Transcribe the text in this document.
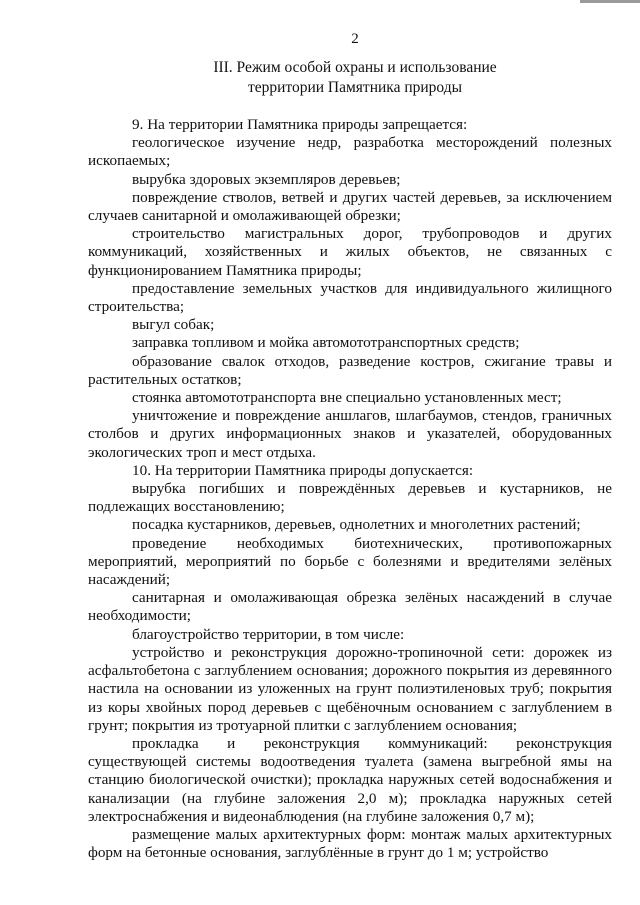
2
III. Режим особой охраны и использование
территории Памятника природы

9. На территории Памятника природы запрещается:

геологическое изучение недр, разработка месторождений полезных ископаемых;

вырубка здоровых экземпляров деревьев;

повреждение стволов, ветвей и других частей деревьев, за исключением случаев санитарной и омолаживающей обрезки;

строительство магистральных дорог, трубопроводов и других коммуникаций, хозяйственных и жилых объектов, не связанных с функционированием Памятника природы;

предоставление земельных участков для индивидуального жилищного строительства;

выгул собак;

заправка топливом и мойка автомототранспортных средств;

образование свалок отходов, разведение костров, сжигание травы и растительных остатков;

стоянка автомототранспорта вне специально установленных мест;

уничтожение и повреждение аншлагов, шлагбаумов, стендов, граничных столбов и других информационных знаков и указателей, оборудованных экологических троп и мест отдыха.

10. На территории Памятника природы допускается:

вырубка погибших и повреждённых деревьев и кустарников, не подлежащих восстановлению;

посадка кустарников, деревьев, однолетних и многолетних растений;

проведение необходимых биотехнических, противопожарных мероприятий, мероприятий по борьбе с болезнями и вредителями зелёных насаждений;

санитарная и омолаживающая обрезка зелёных насаждений в случае необходимости;

благоустройство территории, в том числе:

устройство и реконструкция дорожно-тропиночной сети: дорожек из асфальтобетона с заглублением основания; дорожного покрытия из деревянного настила на основании из уложенных на грунт полиэтиленовых труб; покрытия из коры хвойных пород деревьев с щебёночным основанием с заглублением в грунт; покрытия из тротуарной плитки с заглублением основания;

прокладка и реконструкция коммуникаций: реконструкция существующей системы водоотведения туалета (замена выгребной ямы на станцию биологической очистки); прокладка наружных сетей водоснабжения и канализации (на глубине заложения 2,0 м); прокладка наружных сетей электроснабжения и видеонаблюдения (на глубине заложения 0,7 м);

размещение малых архитектурных форм: монтаж малых архитектурных форм на бетонные основания, заглублённые в грунт до 1 м; устройство
